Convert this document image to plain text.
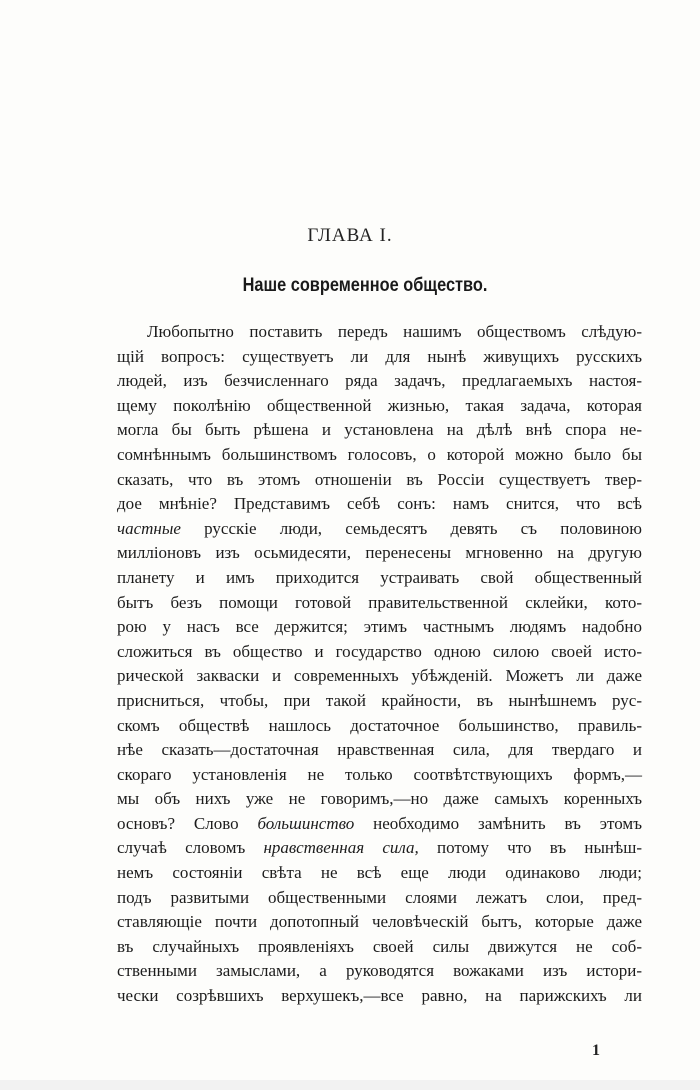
ГЛАВА I.
Наше современное общество.
Любопытно поставить передъ нашимъ обществомъ слѣдую-
щій вопросъ: существуетъ ли для нынѣ живущихъ русскихъ
людей, изъ безчисленнаго ряда задачъ, предлагаемыхъ настоя-
щему поколѣнію общественной жизнью, такая задача, которая
могла бы быть рѣшена и установлена на дѣлѣ внѣ спора не-
сомнѣннымъ большинствомъ голосовъ, о которой можно было бы
сказать, что въ этомъ отношеніи въ Россіи существуетъ твер-
дое мнѣніе? Представимъ себѣ сонъ: намъ снится, что всѣ
частные русскіе люди, семьдесятъ девять съ половиною
милліоновъ изъ осьмидесяти, перенесены мгновенно на другую
планету и имъ приходится устраивать свой общественный
бытъ безъ помощи готовой правительственной склейки, кото-
рою у насъ все держится; этимъ частнымъ людямъ надобно
сложиться въ общество и государство одною силою своей исто-
рической закваски и современныхъ убѣжденій. Можетъ ли даже
присниться, чтобы, при такой крайности, въ нынѣшнемъ рус-
скомъ обществѣ нашлось достаточное большинство, правиль-
нѣе сказать—достаточная нравственная сила, для твердаго и
скораго установленія не только соотвѣтствующихъ формъ,—
мы объ нихъ уже не говоримъ,—но даже самыхъ коренныхъ
основъ? Слово большинство необходимо замѣнить въ этомъ
случаѣ словомъ нравственная сила, потому что въ нынѣш-
немъ состояніи свѣта не всѣ еще люди одинаково люди;
подъ развитыми общественными слоями лежатъ слои, пред-
ставляющіе почти допотопный человѣческій бытъ, которые даже
въ случайныхъ проявленіяхъ своей силы движутся не соб-
ственными замыслами, а руководятся вожаками изъ истори-
чески созрѣвшихъ верхушекъ,—все равно, на парижскихъ ли
1
